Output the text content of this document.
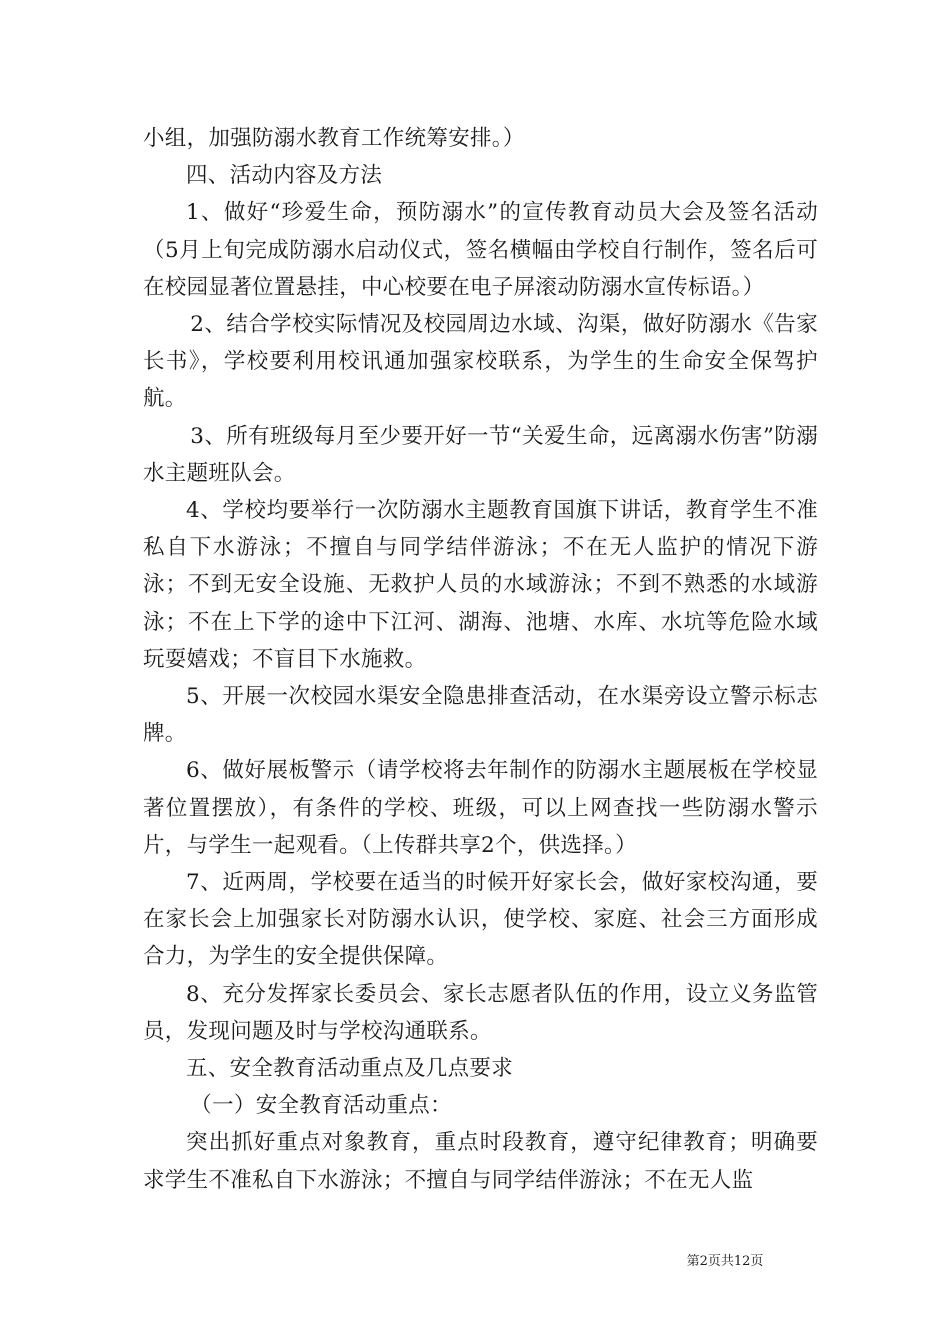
小组，加强防溺水教育工作统筹安排。）

四、活动内容及方法

1、做好“珍爱生命，预防溺水”的宣传教育动员大会及签名活动（5月上旬完成防溺水启动仪式，签名横幅由学校自行制作，签名后可在校园显著位置悬挂，中心校要在电子屏滚动防溺水宣传标语。）

2、结合学校实际情况及校园周边水域、沟渠，做好防溺水《告家长书》，学校要利用校讯通加强家校联系，为学生的生命安全保驾护航。

3、所有班级每月至少要开好一节“关爱生命，远离溺水伤害”防溺水主题班队会。

4、学校均要举行一次防溺水主题教育国旗下讲话，教育学生不准私自下水游泳；不擅自与同学结伴游泳；不在无人监护的情况下游泳；不到无安全设施、无救护人员的水域游泳；不到不熟悉的水域游泳；不在上下学的途中下江河、湖海、池塘、水库、水坑等危险水域玩耍嬉戏；不盲目下水施救。

5、开展一次校园水渠安全隐患排查活动，在水渠旁设立警示标志牌。

6、做好展板警示（请学校将去年制作的防溺水主题展板在学校显著位置摆放），有条件的学校、班级，可以上网查找一些防溺水警示片，与学生一起观看。（上传群共享2个，供选择。）

7、近两周，学校要在适当的时候开好家长会，做好家校沟通，要在家长会上加强家长对防溺水认识，使学校、家庭、社会三方面形成合力，为学生的安全提供保障。

8、充分发挥家长委员会、家长志愿者队伍的作用，设立义务监管员，发现问题及时与学校沟通联系。

五、安全教育活动重点及几点要求

（一）安全教育活动重点：

突出抓好重点对象教育，重点时段教育，遵守纪律教育；明确要求学生不准私自下水游泳；不擅自与同学结伴游泳；不在无人监

第2页共12页
